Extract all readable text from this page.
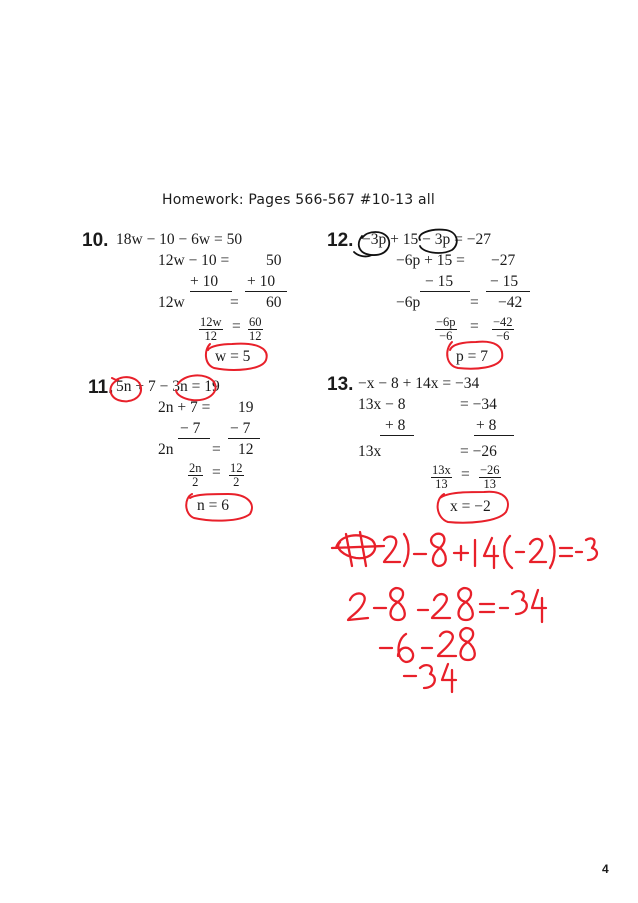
Homework: Pages 566-567 #10-13 all
10. 18w − 10 − 6w = 50
12w − 10 = 50
+ 10 + 10
12w	= 60
$\frac{12w}{12} = \frac{60}{12}$
w = 5
11. 5n + 7 − 3n = 19
2n + 7 = 19
− 7 − 7
2n = 12
$\frac{2n}{2} = \frac{12}{2}$
n = 6
12. −3p + 15 − 3p = −27
−6p + 15 = −27
− 15 − 15
−6p	= −42
$\frac{-6p}{-6} = \frac{-42}{-6}$
p = 7
13. −x − 8 + 14x = −34
13x − 8	= −34
+ 8	+ 8
13x	= −26
$\frac{13x}{13} = \frac{-26}{13}$
x = −2
4
